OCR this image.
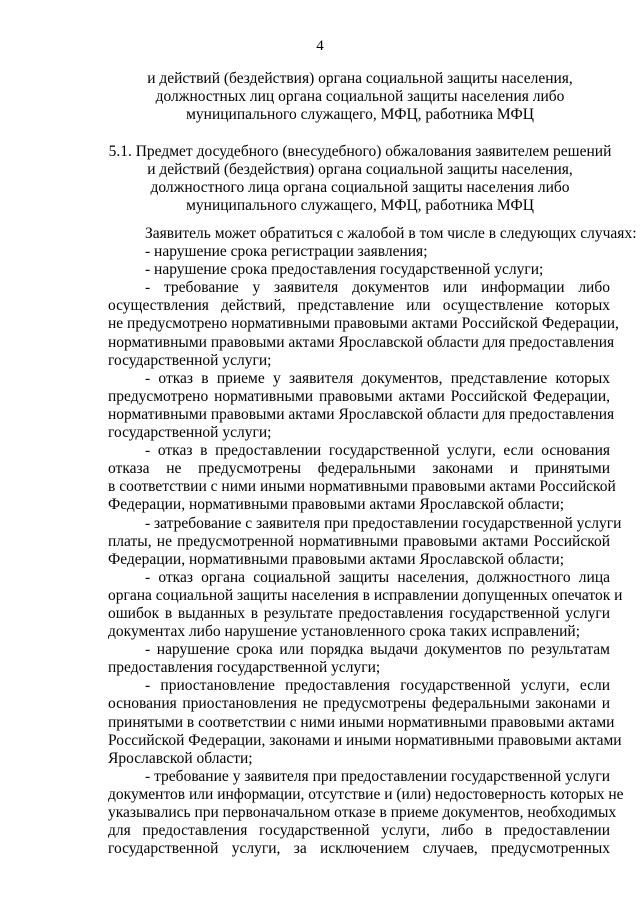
4
и действий (бездействия) органа социальной защиты населения,
должностных лиц органа социальной защиты населения либо
муниципального служащего, МФЦ, работника МФЦ
5.1. Предмет досудебного (внесудебного) обжалования заявителем решений
и действий (бездействия) органа социальной защиты населения,
должностного лица органа социальной защиты населения либо
муниципального служащего, МФЦ, работника МФЦ
Заявитель может обратиться с жалобой в том числе в следующих случаях:
- нарушение срока регистрации заявления;
- нарушение срока предоставления государственной услуги;
- требование у заявителя документов или информации либо
осуществления действий, представление или осуществление которых
не предусмотрено нормативными правовыми актами Российской Федерации,
нормативными правовыми актами Ярославской области для предоставления
государственной услуги;
- отказ в приеме у заявителя документов, представление которых
предусмотрено нормативными правовыми актами Российской Федерации,
нормативными правовыми актами Ярославской области для предоставления
государственной услуги;
- отказ в предоставлении государственной услуги, если основания
отказа не предусмотрены федеральными законами и принятыми
в соответствии с ними иными нормативными правовыми актами Российской
Федерации, нормативными правовыми актами Ярославской области;
- затребование с заявителя при предоставлении государственной услуги
платы, не предусмотренной нормативными правовыми актами Российской
Федерации, нормативными правовыми актами Ярославской области;
- отказ органа социальной защиты населения, должностного лица
органа социальной защиты населения в исправлении допущенных опечаток и
ошибок в выданных в результате предоставления государственной услуги
документах либо нарушение установленного срока таких исправлений;
- нарушение срока или порядка выдачи документов по результатам
предоставления государственной услуги;
- приостановление предоставления государственной услуги, если
основания приостановления не предусмотрены федеральными законами и
принятыми в соответствии с ними иными нормативными правовыми актами
Российской Федерации, законами и иными нормативными правовыми актами
Ярославской области;
- требование у заявителя при предоставлении государственной услуги
документов или информации, отсутствие и (или) недостоверность которых не
указывались при первоначальном отказе в приеме документов, необходимых
для предоставления государственной услуги, либо в предоставлении
государственной услуги, за исключением случаев, предусмотренных
